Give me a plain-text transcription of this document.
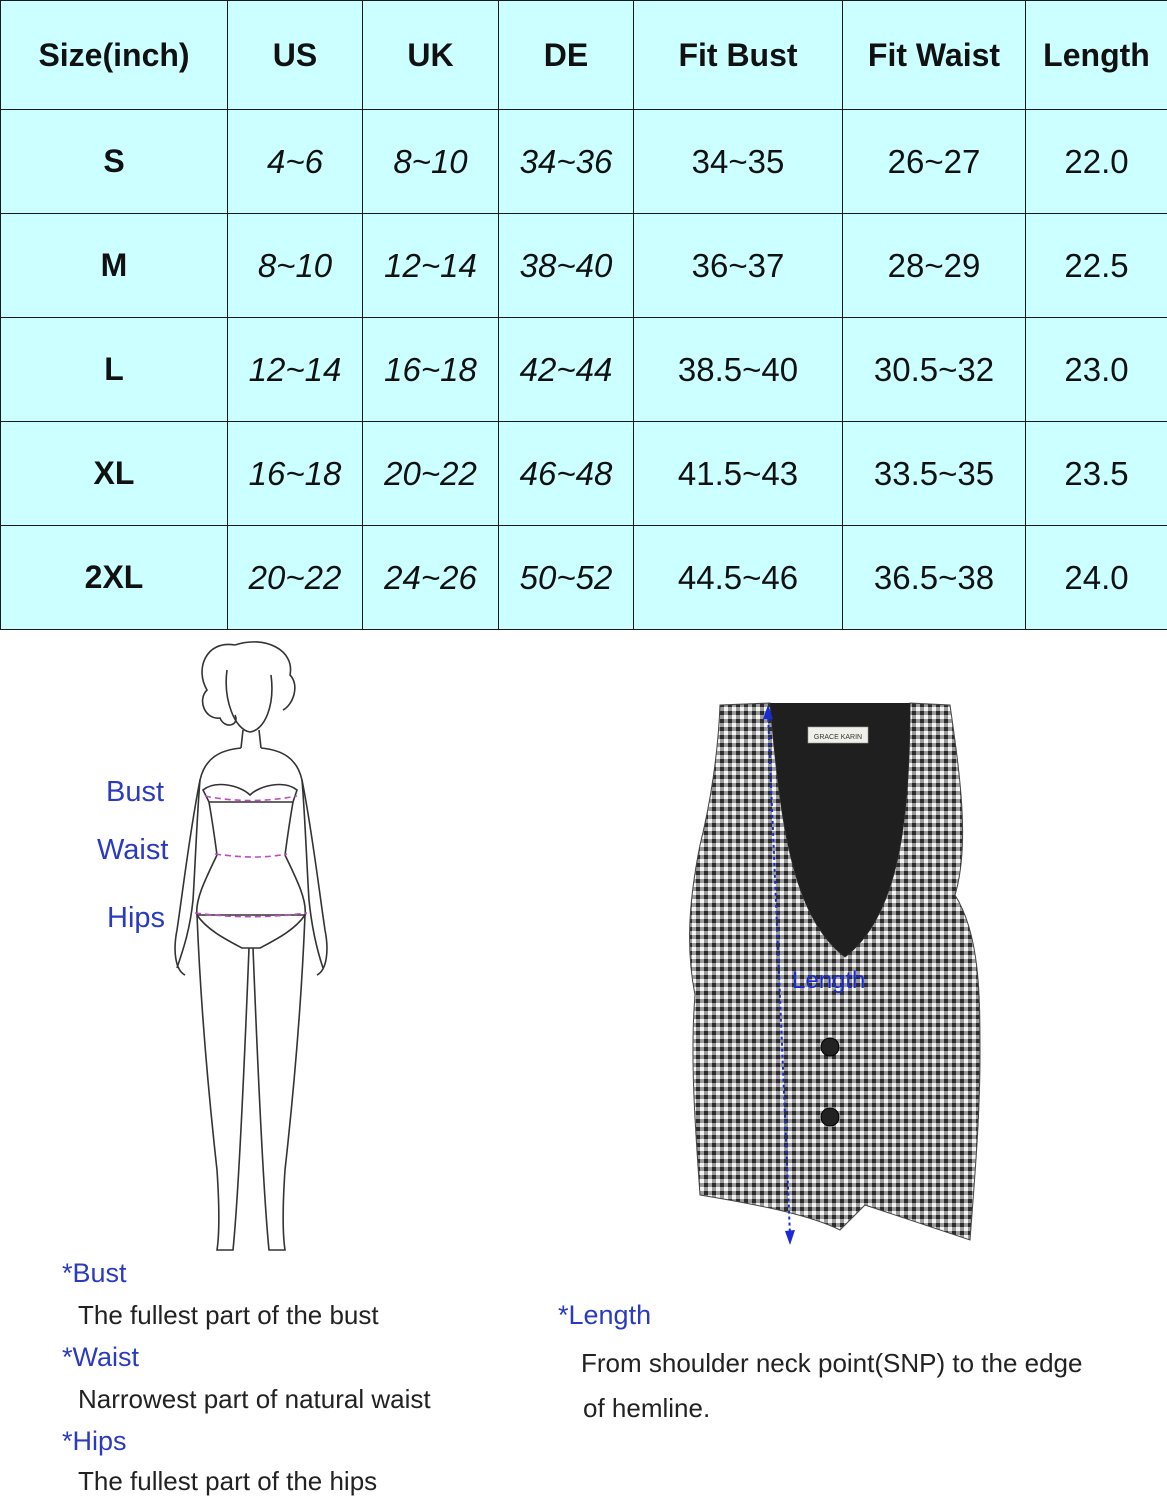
Size(inch)	US	UK	DE	Fit Bust	Fit Waist	Length
S	4~6	8~10	34~36	34~35	26~27	22.0
M	8~10	12~14	38~40	36~37	28~29	22.5
L	12~14	16~18	42~44	38.5~40	30.5~32	23.0
XL	16~18	20~22	46~48	41.5~43	33.5~35	23.5
2XL	20~22	24~26	50~52	44.5~46	36.5~38	24.0
Bust
Waist
Hips
GRACE KARIN
Length
*Bust
The fullest part of the bust
*Waist
Narrowest part of natural waist
*Hips
The fullest part of the hips
*Length
From shoulder neck point(SNP) to the edge
of hemline.
